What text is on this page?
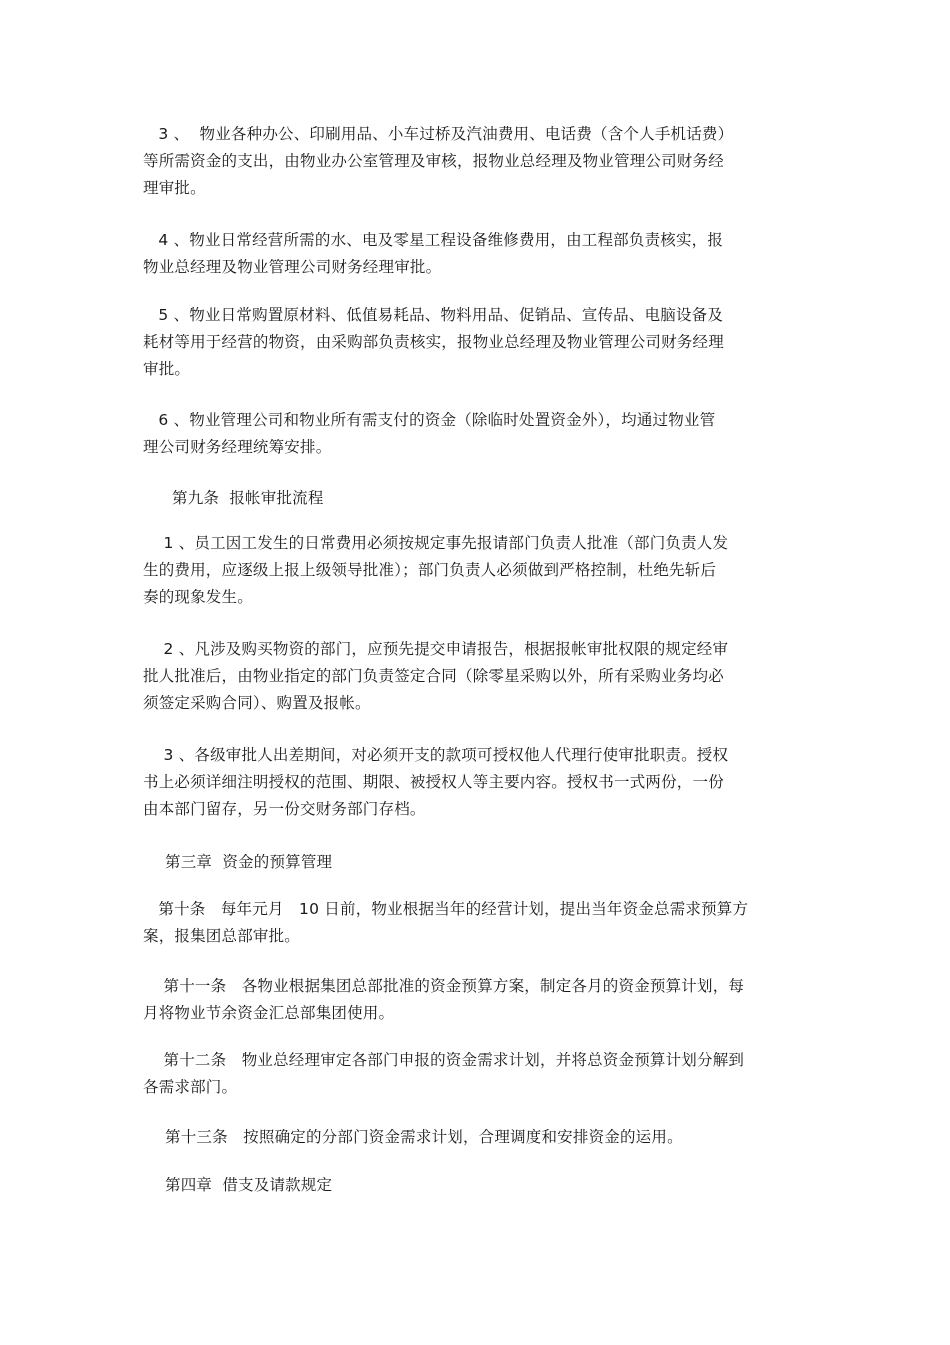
3 、  物业各种办公、印刷用品、小车过桥及汽油费用、电话费（含个人手机话费）
等所需资金的支出，由物业办公室管理及审核，报物业总经理及物业管理公司财务经
理审批。
4 、物业日常经营所需的水、电及零星工程设备维修费用，由工程部负责核实，报
物业总经理及物业管理公司财务经理审批。
5 、物业日常购置原材料、低值易耗品、物料用品、促销品、宣传品、电脑设备及
耗材等用于经营的物资，由采购部负责核实，报物业总经理及物业管理公司财务经理
审批。
6 、物业管理公司和物业所有需支付的资金（除临时处置资金外），均通过物业管
理公司财务经理统筹安排。
第九条  报帐审批流程
1 、员工因工发生的日常费用必须按规定事先报请部门负责人批准（部门负责人发
生的费用，应逐级上报上级领导批准）；部门负责人必须做到严格控制，杜绝先斩后
奏的现象发生。
2 、凡涉及购买物资的部门，应预先提交申请报告，根据报帐审批权限的规定经审
批人批准后，由物业指定的部门负责签定合同（除零星采购以外，所有采购业务均必
须签定采购合同）、购置及报帐。
3 、各级审批人出差期间，对必须开支的款项可授权他人代理行使审批职责。授权
书上必须详细注明授权的范围、期限、被授权人等主要内容。授权书一式两份，一份
由本部门留存，另一份交财务部门存档。
第三章  资金的预算管理
第十条   每年元月   10 日前，物业根据当年的经营计划，提出当年资金总需求预算方
案，报集团总部审批。
第十一条   各物业根据集团总部批准的资金预算方案，制定各月的资金预算计划，每
月将物业节余资金汇总部集团使用。
第十二条   物业总经理审定各部门申报的资金需求计划，并将总资金预算计划分解到
各需求部门。
第十三条   按照确定的分部门资金需求计划，合理调度和安排资金的运用。
第四章  借支及请款规定
